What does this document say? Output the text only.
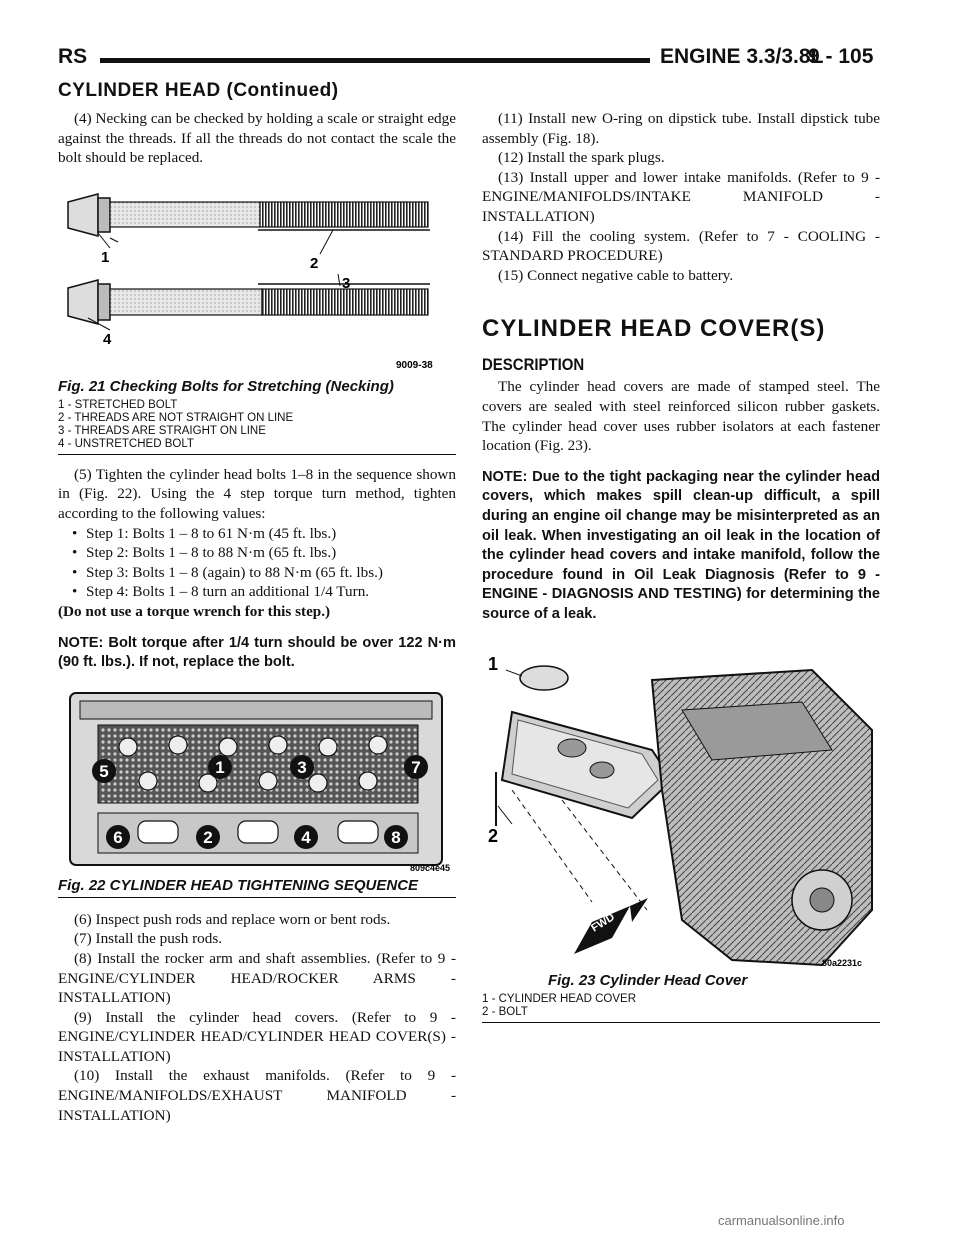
RS	ENGINE 3.3/3.8L
9 - 105
CYLINDER HEAD (Continued)

(4) Necking can be checked by holding a scale or straight edge against the threads. If all the threads do not contact the scale the bolt should be replaced.

1	2
3
4
9009-38
Fig. 21 Checking Bolts for Stretching (Necking)
1 - STRETCHED BOLT
2 - THREADS ARE NOT STRAIGHT ON LINE
3 - THREADS ARE STRAIGHT ON LINE
4 - UNSTRETCHED BOLT

(5) Tighten the cylinder head bolts 1–8 in the sequence shown in (Fig. 22). Using the 4 step torque turn method, tighten according to the following values:

• Step 1: Bolts 1 – 8 to 61 N·m (45 ft. lbs.)
• Step 2: Bolts 1 – 8 to 88 N·m (65 ft. lbs.)
• Step 3: Bolts 1 – 8 (again) to 88 N·m (65 ft. lbs.)
• Step 4: Bolts 1 – 8 turn an additional 1/4 Turn.

(Do not use a torque wrench for this step.)

NOTE: Bolt torque after 1/4 turn should be over 122 N·m (90 ft. lbs.). If not, replace the bolt.

5	1	3	7
6	2	4	8
809c4e45
Fig. 22 CYLINDER HEAD TIGHTENING SEQUENCE

(6) Inspect push rods and replace worn or bent rods.

(7) Install the push rods.

(8) Install the rocker arm and shaft assemblies. (Refer to 9 - ENGINE/CYLINDER HEAD/ROCKER ARMS - INSTALLATION)

(9) Install the cylinder head covers. (Refer to 9 - ENGINE/CYLINDER HEAD/CYLINDER HEAD COVER(S) - INSTALLATION)

(10) Install the exhaust manifolds. (Refer to 9 - ENGINE/MANIFOLDS/EXHAUST MANIFOLD - INSTALLATION)

(11) Install new O-ring on dipstick tube. Install dipstick tube assembly (Fig. 18).

(12) Install the spark plugs.

(13) Install upper and lower intake manifolds. (Refer to 9 - ENGINE/MANIFOLDS/INTAKE MANIFOLD - INSTALLATION)

(14) Fill the cooling system. (Refer to 7 - COOLING - STANDARD PROCEDURE)

(15) Connect negative cable to battery.

CYLINDER HEAD COVER(S)
DESCRIPTION

The cylinder head covers are made of stamped steel. The covers are sealed with steel reinforced silicon rubber gaskets. The cylinder head cover uses rubber isolators at each fastener location (Fig. 23).

NOTE: Due to the tight packaging near the cylinder head covers, which makes spill clean-up difficult, a spill during an engine oil change may be misinterpreted as an oil leak. When investigating an oil leak in the location of the cylinder head covers and intake manifold, follow the procedure found in Oil Leak Diagnosis (Refer to 9 - ENGINE - DIAGNOSIS AND TESTING) for determining the source of a leak.

1
2
FWD
80a2231c
Fig. 23 Cylinder Head Cover
1 - CYLINDER HEAD COVER
2 - BOLT
carmanualsonline.info
